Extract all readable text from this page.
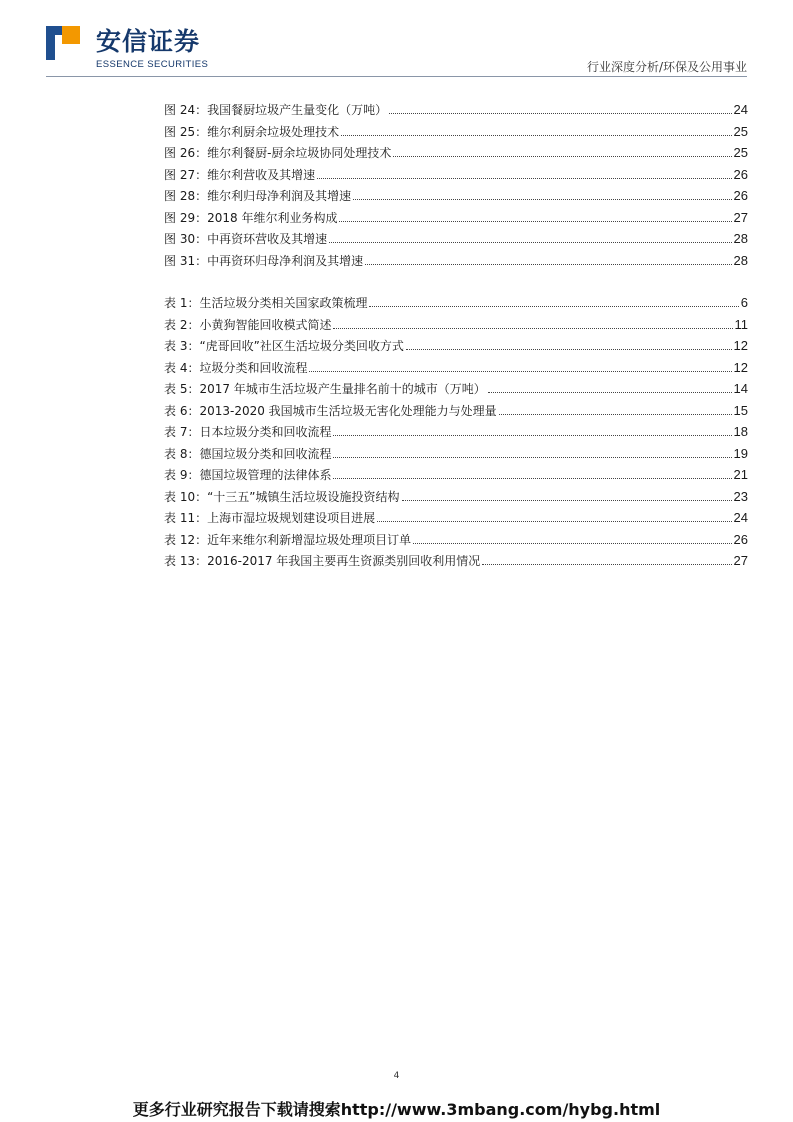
安信证券
ESSENCE SECURITIES	行业深度分析/环保及公用事业
图 24：我国餐厨垃圾产生量变化（万吨）	24
图 25：维尔利厨余垃圾处理技术	25
图 26：维尔利餐厨-厨余垃圾协同处理技术	25
图 27：维尔利营收及其增速	26
图 28：维尔利归母净利润及其增速	26
图 29：2018 年维尔利业务构成	27
图 30：中再资环营收及其增速	28
图 31：中再资环归母净利润及其增速	28
表 1：生活垃圾分类相关国家政策梳理	6
表 2：小黄狗智能回收模式简述	11
表 3：“虎哥回收”社区生活垃圾分类回收方式	12
表 4：垃圾分类和回收流程	12
表 5：2017 年城市生活垃圾产生量排名前十的城市（万吨）	14
表 6：2013-2020 我国城市生活垃圾无害化处理能力与处理量	15
表 7：日本垃圾分类和回收流程	18
表 8：德国垃圾分类和回收流程	19
表 9：德国垃圾管理的法律体系	21
表 10：“十三五”城镇生活垃圾设施投资结构	23
表 11：上海市湿垃圾规划建设项目进展	24
表 12：近年来维尔利新增湿垃圾处理项目订单	26
表 13：2016-2017 年我国主要再生资源类别回收利用情况	27
4
更多行业研究报告下载请搜索http://www.3mbang.com/hybg.html
